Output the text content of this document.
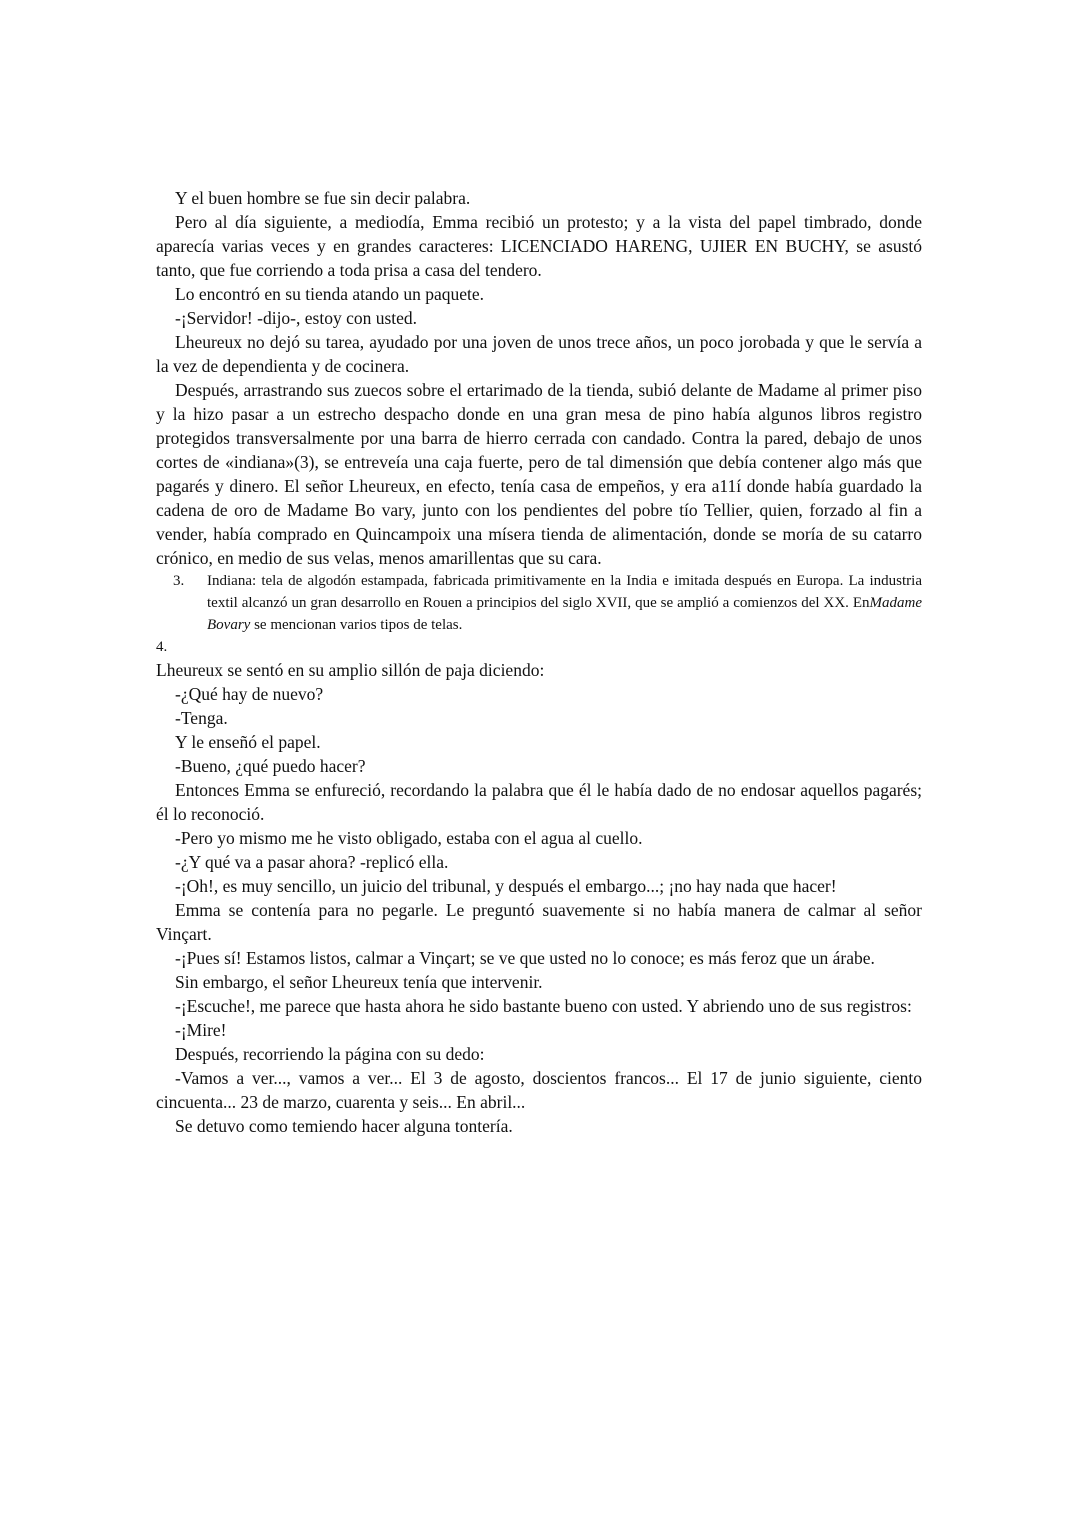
Y el buen hombre se fue sin decir palabra.

Pero al día siguiente, a mediodía, Emma recibió un protesto; y a la vista del papel timbrado, donde aparecía varias veces y en grandes caracteres: LICENCIADO HARENG, UJIER EN BUCHY, se asustó tanto, que fue corriendo a toda prisa a casa del tendero.

Lo encontró en su tienda atando un paquete.

-¡Servidor! -dijo-, estoy con usted.

Lheureux no dejó su tarea, ayudado por una joven de unos trece años, un poco jorobada y que le servía a la vez de dependienta y de cocinera.

Después, arrastrando sus zuecos sobre el ertarimado de la tienda, subió delante de Madame al primer piso y la hizo pasar a un estrecho despacho donde en una gran mesa de pino había algunos libros registro protegidos transversalmente por una barra de hierro cerrada con candado. Contra la pared, debajo de unos cortes de «indiana»(3), se entreveía una caja fuerte, pero de tal dimensión que debía contener algo más que pagarés y dinero. El señor Lheureux, en efecto, tenía casa de empeños, y era a11í donde había guardado la cadena de oro de Madame Bo vary, junto con los pendientes del pobre tío Tellier, quien, forzado al fin a vender, había comprado en Quincampoix una mísera tienda de alimentación, donde se moría de su catarro crónico, en medio de sus velas, menos amarillentas que su cara.

3. Indiana: tela de algodón estampada, fabricada primitivamente en la India e imitada después en Europa. La industria textil alcanzó un gran desarrollo en Rouen a principios del siglo XVII, que se amplió a comienzos del XX. EnMadame Bovary se mencionan varios tipos de telas.

4.

Lheureux se sentó en su amplio sillón de paja diciendo:

-¿Qué hay de nuevo?

-Tenga.

Y le enseñó el papel.

-Bueno, ¿qué puedo hacer?

Entonces Emma se enfureció, recordando la palabra que él le había dado de no endosar aquellos pagarés; él lo reconoció.

-Pero yo mismo me he visto obligado, estaba con el agua al cuello.

-¿Y qué va a pasar ahora? -replicó ella.

-¡Oh!, es muy sencillo, un juicio del tribunal, y después el embargo...; ¡no hay nada que hacer!

Emma se contenía para no pegarle. Le preguntó suavemente si no había manera de calmar al señor Vinçart.

-¡Pues sí! Estamos listos, calmar a Vinçart; se ve que usted no lo conoce; es más feroz que un árabe.

Sin embargo, el señor Lheureux tenía que intervenir.

-¡Escuche!, me parece que hasta ahora he sido bastante bueno con usted. Y abriendo uno de sus registros:

-¡Mire!

Después, recorriendo la página con su dedo:

-Vamos a ver..., vamos a ver... El 3 de agosto, doscientos francos... El 17 de junio siguiente, ciento cincuenta... 23 de marzo, cuarenta y seis... En abril...

Se detuvo como temiendo hacer alguna tontería.
